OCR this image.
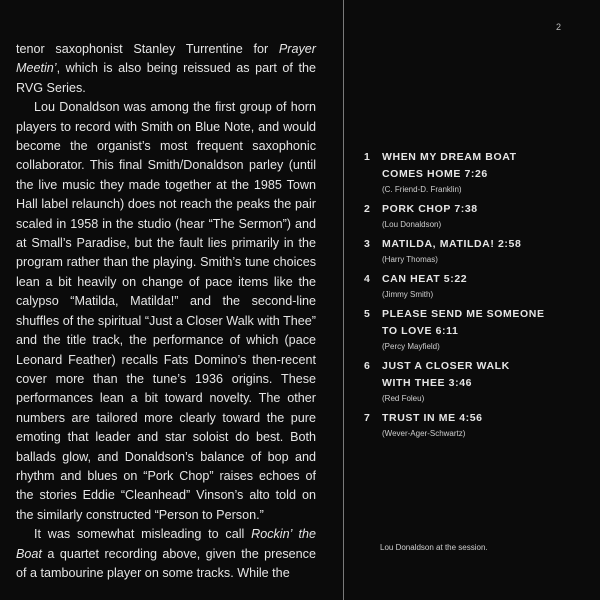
2

tenor saxophonist Stanley Turrentine for Prayer Meetin’, which is also being reissued as part of the RVG Series.

Lou Donaldson was among the first group of horn players to record with Smith on Blue Note, and would become the organist’s most frequent saxophonic collaborator. This final Smith/Donaldson parley (until the live music they made together at the 1985 Town Hall label relaunch) does not reach the peaks the pair scaled in 1958 in the studio (hear “The Sermon”) and at Small’s Paradise, but the fault lies primarily in the program rather than the playing. Smith’s tune choices lean a bit heavily on change of pace items like the calypso “Matilda, Matilda!” and the second-line shuffles of the spiritual “Just a Closer Walk with Thee” and the title track, the performance of which (pace Leonard Feather) recalls Fats Domino’s then-recent cover more than the tune’s 1936 origins. These performances lean a bit toward novelty. The other numbers are tailored more clearly toward the pure emoting that leader and star soloist do best. Both ballads glow, and Donaldson’s balance of bop and rhythm and blues on “Pork Chop” raises echoes of the stories Eddie “Cleanhead” Vinson’s alto told on the similarly constructed “Person to Person.”

It was somewhat misleading to call Rockin’ the Boat a quartet recording above, given the presence of a tambourine player on some tracks. While the

1 WHEN MY DREAM BOAT
COMES HOME 7:26
(C. Friend-D. Franklin)
2 PORK CHOP 7:38
(Lou Donaldson)
3 MATILDA, MATILDA! 2:58
(Harry Thomas)
4 CAN HEAT 5:22
(Jimmy Smith)
5 PLEASE SEND ME SOMEONE
TO LOVE 6:11
(Percy Mayfield)
6 JUST A CLOSER WALK
WITH THEE 3:46
(Red Foleu)
7 TRUST IN ME 4:56
(Wever-Ager-Schwartz)
Lou Donaldson at the session.
